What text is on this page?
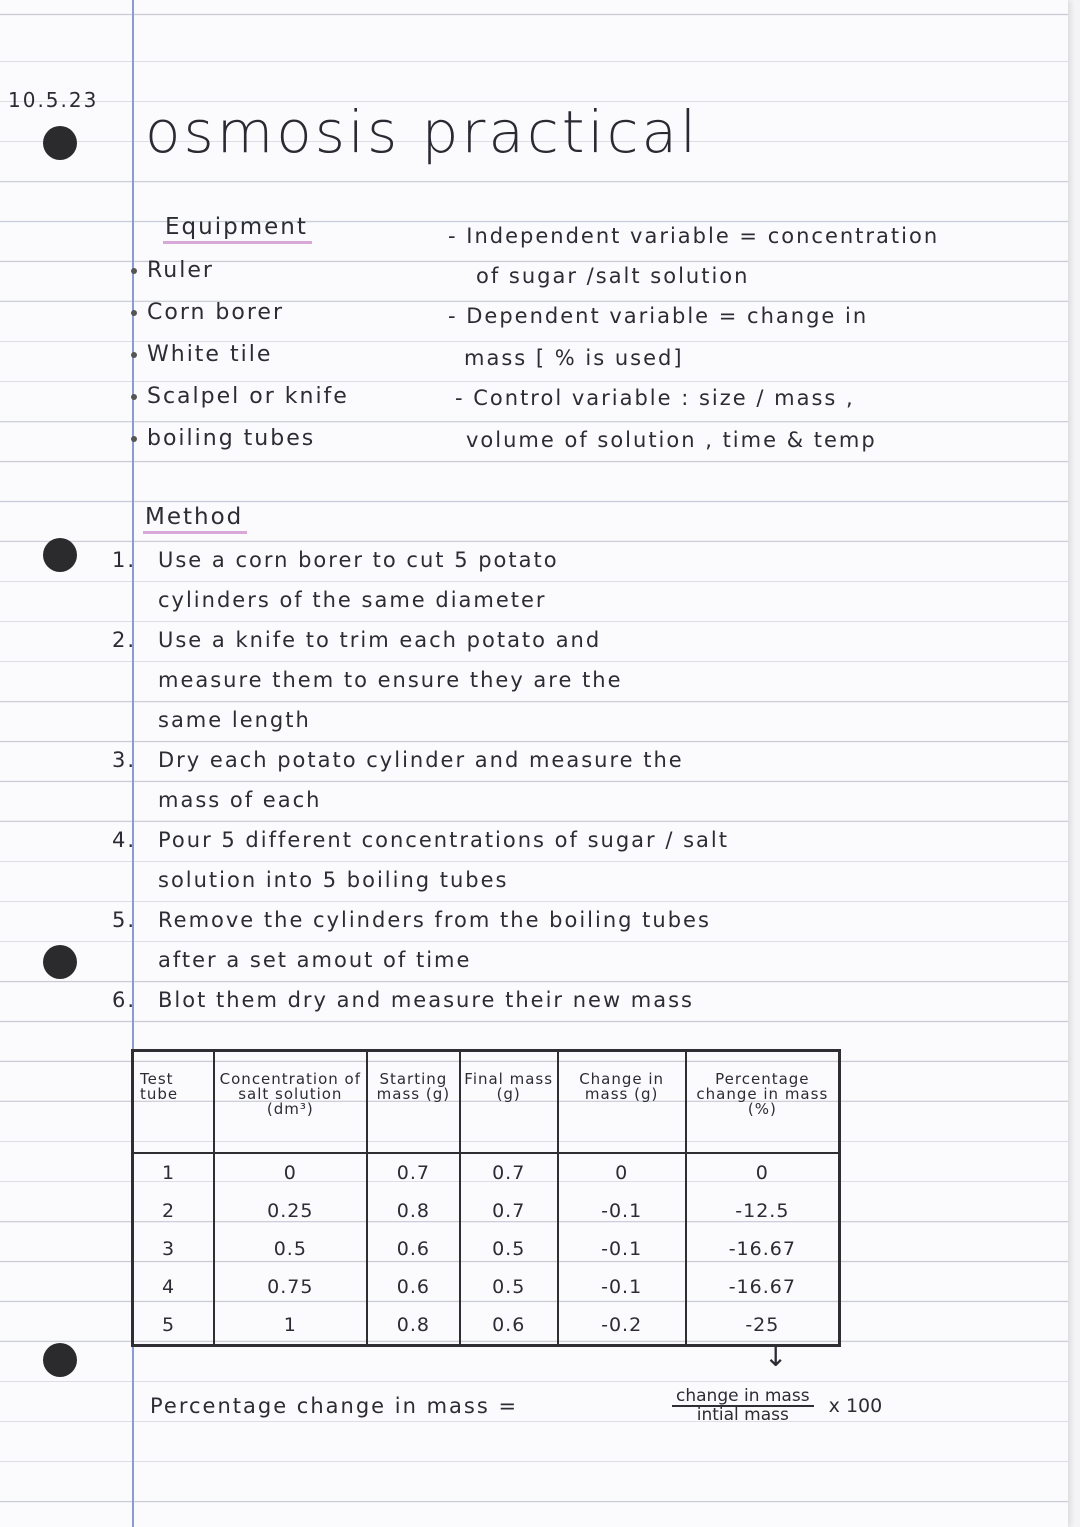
10.5.23 osmosis practical
Equipment
Ruler
Corn borer
White tile
Scalpel or knife
boiling tubes
- Independent variable = concentration
of sugar /salt solution
- Dependent variable = change in
mass [ % is used]
- Control variable : size / mass ,
volume of solution , time & temp
Method
1. Use a corn borer to cut 5 potato
cylinders of the same diameter
2. Use a knife to trim each potato and
measure them to ensure they are the
same length
3. Dry each potato cylinder and measure the
mass of each
4. Pour 5 different concentrations of sugar / salt
solution into 5 boiling tubes
5. Remove the cylinders from the boiling tubes
after a set amout of time
6. Blot them dry and measure their new mass
Test tube	Concentration of salt solution (dm³)	Starting mass (g)	Final mass (g)	Change in mass (g)	Percentage change in mass (%)
1	0	0.7	0.7	0	0
2	0.25	0.8	0.7	-0.1	-12.5
3	0.5	0.6	0.5	-0.1	-16.67
4	0.75	0.6	0.5	-0.1	-16.67
5	1	0.8	0.6	-0.2	-25
↓
Percentage change in mass =	$\frac{\text{change in mass}}{\text{intial mass}}$ x 100
